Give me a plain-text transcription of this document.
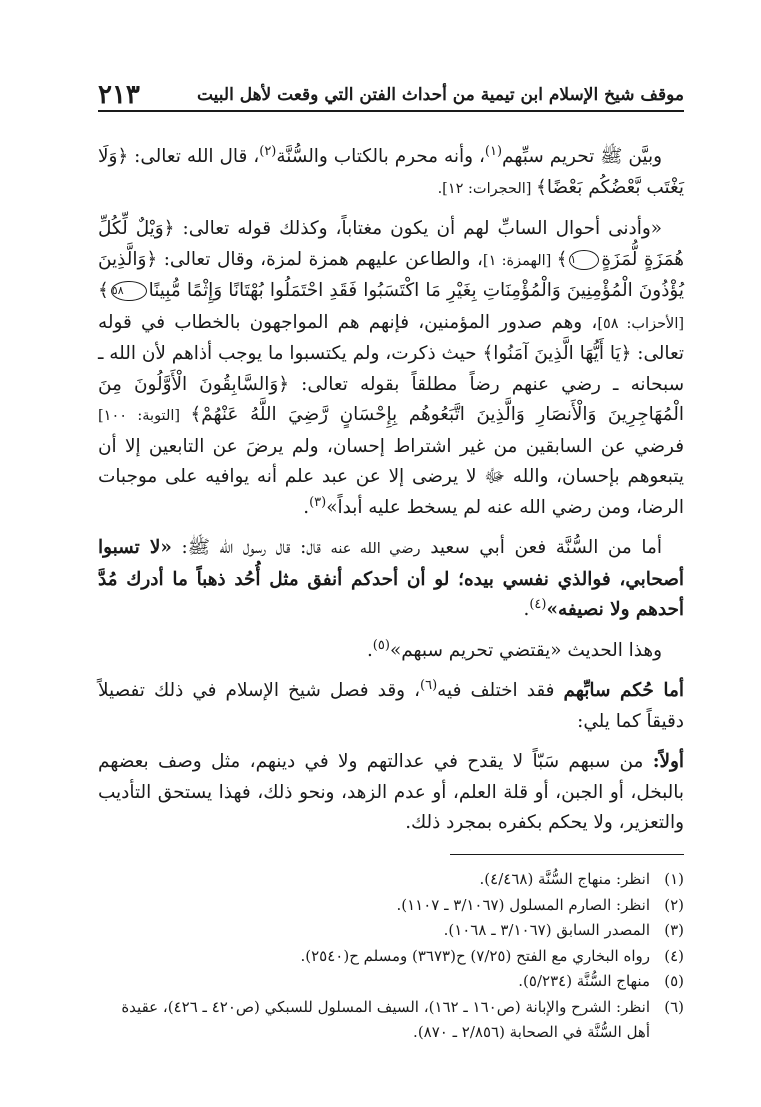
موقف شيخ الإسلام ابن تيمية من أحداث الفتن التي وقعت لأهل البيت
٢١٣

وبيَّن ﷺ تحريم سبِّهم$^{(١)}$، وأنه محرم بالكتاب والسُّنَّة$^{(٢)}$، قال الله تعالى: ﴿وَلَا يَغْتَب بَّعْضُكُم بَعْضًا﴾ [الحجرات: ١٢].

«وأدنى أحوال السابِّ لهم أن يكون مغتاباً، وكذلك قوله تعالى: ﴿وَيْلٌ لِّكُلِّ هُمَزَةٍ لُّمَزَةٍ١﴾ [الهمزة: ١]، والطاعن عليهم همزة لمزة، وقال تعالى: ﴿وَالَّذِينَ يُؤْذُونَ الْمُؤْمِنِينَ وَالْمُؤْمِنَاتِ بِغَيْرِ مَا اكْتَسَبُوا فَقَدِ احْتَمَلُوا بُهْتَانًا وَإِثْمًا مُّبِينًا٥٨﴾ [الأحزاب: ٥٨]، وهم صدور المؤمنين، فإنهم هم المواجهون بالخطاب في قوله تعالى: ﴿يَا أَيُّهَا الَّذِينَ آمَنُوا﴾ حيث ذكرت، ولم يكتسبوا ما يوجب أذاهم لأن الله ـ سبحانه ـ رضي عنهم رضاً مطلقاً بقوله تعالى: ﴿وَالسَّابِقُونَ الْأَوَّلُونَ مِنَ الْمُهَاجِرِينَ وَالْأَنصَارِ وَالَّذِينَ اتَّبَعُوهُم بِإِحْسَانٍ رَّضِيَ اللَّهُ عَنْهُمْ﴾ [التوبة: ١٠٠] فرضي عن السابقين من غير اشتراط إحسان، ولم يرضَ عن التابعين إلا أن يتبعوهم بإحسان، والله ﷻ لا يرضى إلا عن عبد علم أنه يوافيه على موجبات الرضا، ومن رضي الله عنه لم يسخط عليه أبداً»$^{(٣)}$.

أما من السُّنَّة فعن أبي سعيد رضي الله عنه قال: قال رسول الله ﷺ: «لا تسبوا أصحابي، فوالذي نفسي بيده؛ لو أن أحدكم أنفق مثل أُحُد ذهباً ما أدرك مُدَّ أحدهم ولا نصيفه»$^{(٤)}$.

وهذا الحديث «يقتضي تحريم سبهم»$^{(٥)}$.

أما حُكم سابِّهم فقد اختلف فيه$^{(٦)}$، وقد فصل شيخ الإسلام في ذلك تفصيلاً دقيقاً كما يلي:

أولاً: من سبهم سَبّاً لا يقدح في عدالتهم ولا في دينهم، مثل وصف بعضهم بالبخل، أو الجبن، أو قلة العلم، أو عدم الزهد، ونحو ذلك، فهذا يستحق التأديب والتعزير، ولا يحكم بكفره بمجرد ذلك.

(١)
انظر: منهاج السُّنَّة (٤/٤٦٨).
(٢)
انظر: الصارم المسلول (٣/١٠٦٧ ـ ١١٠٧).
(٣)
المصدر السابق (٣/١٠٦٧ ـ ١٠٦٨).
(٤)
رواه البخاري مع الفتح (٧/٢٥) ح(٣٦٧٣) ومسلم ح(٢٥٤٠).
(٥)
منهاج السُّنَّة (٥/٢٣٤).
(٦)
انظر: الشرح والإبانة (ص١٦٠ ـ ١٦٢)، السيف المسلول للسبكي (ص٤٢٠ ـ ٤٢٦)، عقيدة أهل السُّنَّة في الصحابة (٢/٨٥٦ ـ ٨٧٠).
